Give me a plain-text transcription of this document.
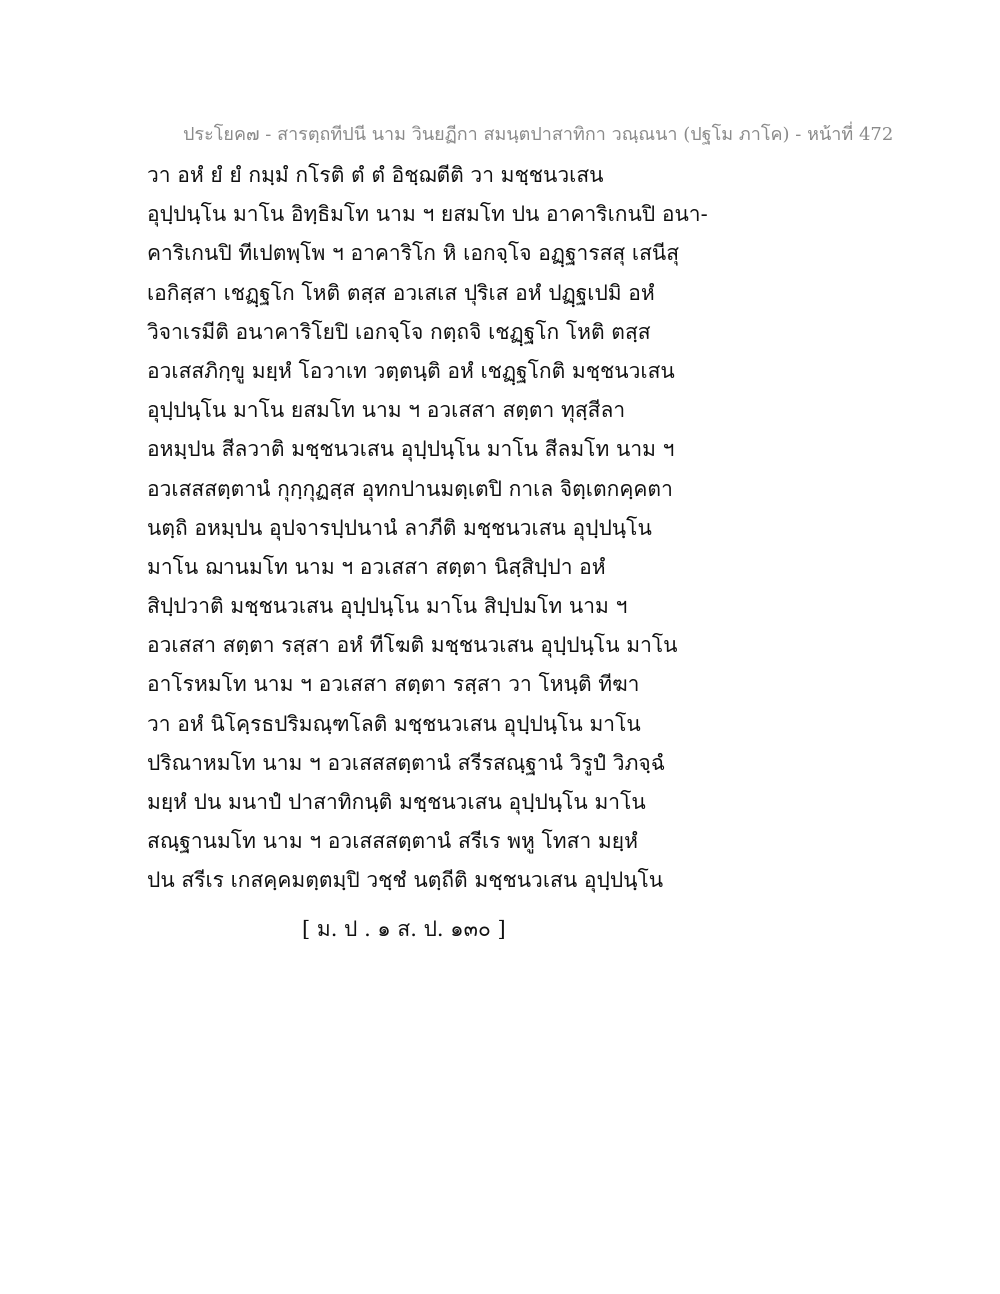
ประโยค๗ - สารตฺถทีปนี นาม วินยฏีกา สมนฺตปาสาทิกา วณฺณนา (ปฐโม ภาโค) - หน้าที่ 472
วา อหํ ยํ ยํ กมฺมํ กโรติ ตํ ตํ อิชฺฌตีติ วา มชฺชนวเสน
อุปฺปนฺโน มาโน อิทฺธิมโท นาม ฯ ยสมโท ปน อาคาริเกนปิ อนา-
คาริเกนปิ ทีเปตพฺโพ ฯ อาคาริโก หิ เอกจฺโจ อฏฺฐารสสุ เสนีสุ
เอกิสฺสา เชฏฺฐโก โหติ ตสฺส อวเสเส ปุริเส อหํ ปฏฺฐเปมิ อหํ
วิจาเรมีติ อนาคาริโยปิ เอกจฺโจ กตฺถจิ เชฏฺฐโก โหติ ตสฺส
อวเสสภิกฺขู มยฺหํ โอวาเท วตฺตนฺติ อหํ เชฏฺฐโกติ มชฺชนวเสน
อุปฺปนฺโน มาโน ยสมโท นาม ฯ อวเสสา สตฺตา ทุสฺสีลา
อหมฺปน สีลวาติ มชฺชนวเสน อุปฺปนฺโน มาโน สีลมโท นาม ฯ
อวเสสสตฺตานํ กุกฺกุฏสฺส อุทกปานมตฺเตปิ กาเล จิตฺเตกคฺคตา
นตฺถิ อหมฺปน อุปจารปฺปนานํ ลาภีติ มชฺชนวเสน อุปฺปนฺโน
มาโน ฌานมโท นาม ฯ อวเสสา สตฺตา นิสฺสิปฺปา อหํ
สิปฺปวาติ มชฺชนวเสน อุปฺปนฺโน มาโน สิปฺปมโท นาม ฯ
อวเสสา สตฺตา รสฺสา อหํ ทีโฆติ มชฺชนวเสน อุปฺปนฺโน มาโน
อาโรหมโท นาม ฯ อวเสสา สตฺตา รสฺสา วา โหนฺติ ทีฆา
วา อหํ นิโคฺรธปริมณฺฑโลติ มชฺชนวเสน อุปฺปนฺโน มาโน
ปริณาหมโท นาม ฯ อวเสสสตฺตานํ สรีรสณฺฐานํ วิรูปํ วิภจฺฉํ
มยฺหํ ปน มนาปํ ปาสาทิกนฺติ มชฺชนวเสน อุปฺปนฺโน มาโน
สณฺฐานมโท นาม ฯ อวเสสสตฺตานํ สรีเร พหู โทสา มยฺหํ
ปน สรีเร เกสคฺคมตฺตมฺปิ วชฺชํ นตฺถีติ มชฺชนวเสน อุปฺปนฺโน
[ ม. ป . ๑ ส. ป. ๑๓๐ ]
